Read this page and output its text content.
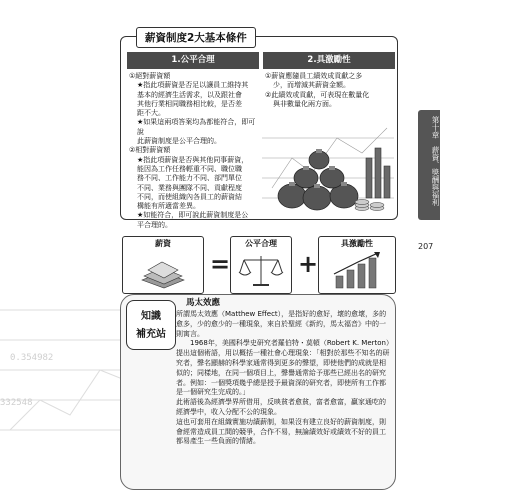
0.354982
332548
薪資制度2大基本條件
1.公平合理	2.具激勵性

①絕對薪資額

★指此項薪資是否足以讓員工維持其

基本的經濟生活需求，以及跟社會

其他行業相同職務相比較，是否差

距不大。

★如果這兩項答案均為都能符合，即可說

此薪資制度是公平合理的。

②相對薪資額

★指此項薪資是否與其他同事薪資，

能因為工作任務輕重不同、職位職

務不同、工作能力不同、部門單位

不同、業務與團隊不同、貢獻程度

不同，而使組織內各員工的薪資結

構能有所適當差異。

★如能符合，即可說此薪資制度是公

平合理的。

①薪資應隨員工績效成貢獻之多

少，而增減其薪資金額。

②此績效或貢獻，可表現在數量化

與非數量化兩方面。

薪資
=
公平合理
+
具激勵性
知識
補充站
馬太效應

所謂馬太效應（Matthew Effect），是指好的愈好，壞的愈壞，多的愈多，少的愈少的一種現象，來自於聖經《新約，馬太福音》中的一則寓言。

1968年，美國科學史研究者羅伯特・莫頓（Robert K. Merton）提出這個術語，用以概括一種社會心理現象：「相對於那些不知名的研究者，聲名顯赫的科學家通常得到更多的聲望，即使他們的成就是相似的；同樣地，在同一個項目上，聲譽通常給予那些已經出名的研究者。例如：一個獎項幾乎總是授予最資深的研究者，即使所有工作都是一個研究生完成的。」

此術語後為經濟學界所借用，反映貧者愈貧，富者愈富，贏家通吃的經濟學中，收入分配不公的現象。

這也可套用在組織實施功績薪制，如果沒有建立良好的薪資制度，則會經常造成員工間的競爭，合作不易，無論績效好或績效不好的員工都易產生一些負面的情緒。

第十章　薪資、獎酬與福利
207
